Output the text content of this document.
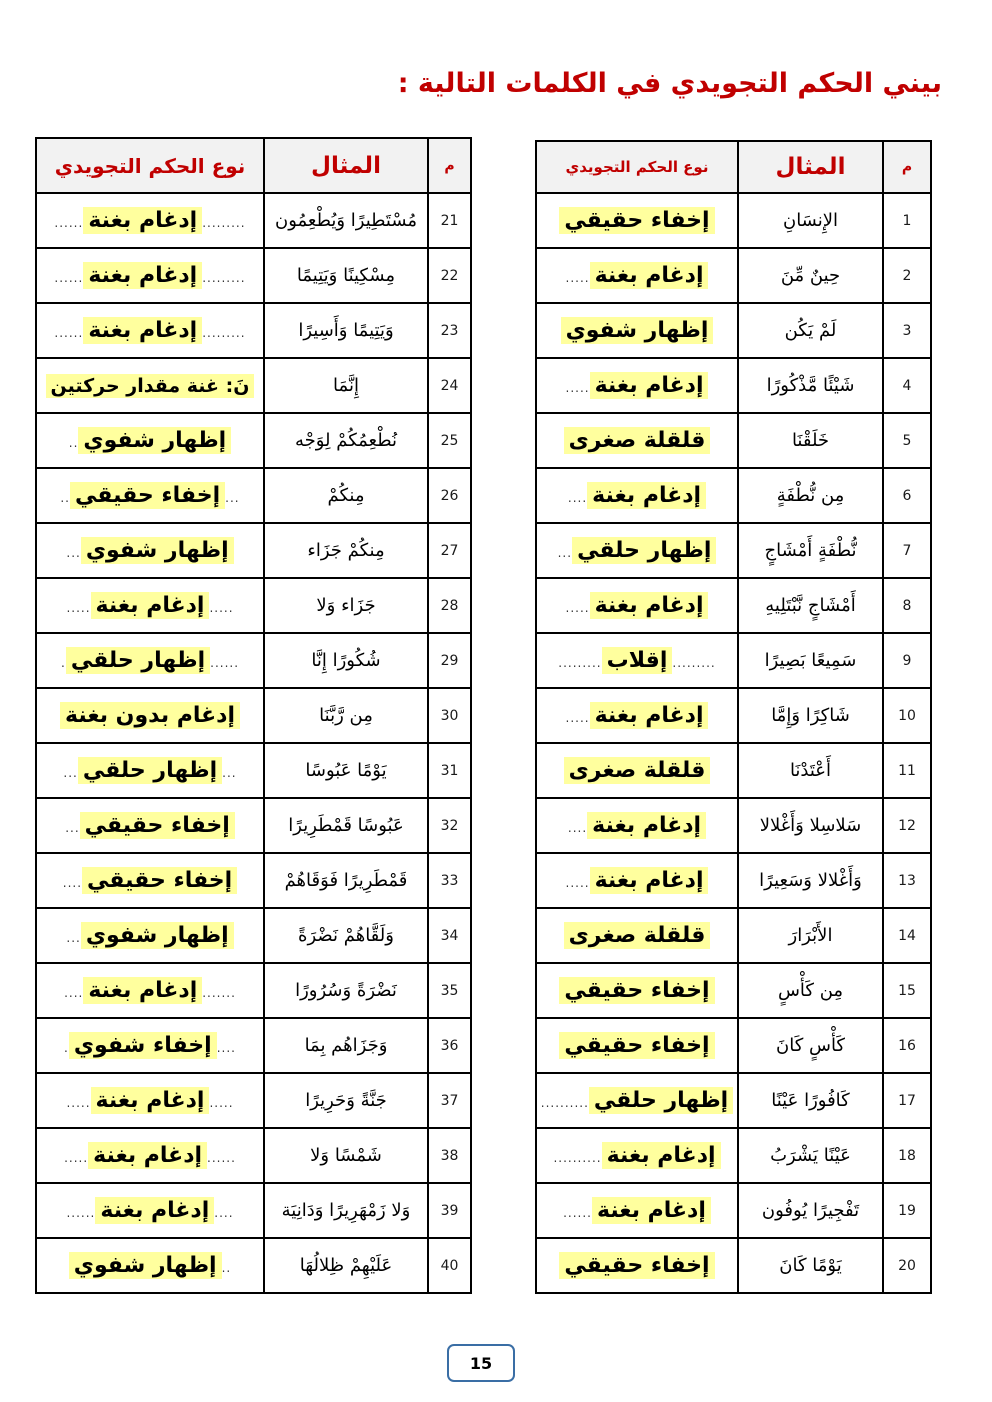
بيني الحكم التجويدي في الكلمات التالية :
م	المثال	نوع الحكم التجويدي
1	الإِنسَانِ	إخفاء حقيقي

2	حِينٌ مِّنَ	إدغام بغنة
.....

3	لَمْ يَكُن	إظهار شفوي

4	شَيْئًا مَّذْكُورًا	إدغام بغنة
.....

5	خَلَقْنَا	قلقلة صغرى

6	مِن نُّطْفَةٍ	إدغام بغنة
....

7	نُّطْفَةٍ أَمْشَاجٍ	إظهار حلقي
...

8	أَمْشَاجٍ نَّبْتَلِيهِ	إدغام بغنة
.....

9	سَمِيعًا بَصِيرًا	.........
إقلاب
.........

10	شَاكِرًا وَإِمَّا	إدغام بغنة
.....

11	أَعْتَدْنَا	قلقلة صغرى

12	سَلاسِلا وَأَغْلالا	إدغام بغنة
....

13	وَأَغْلالا وَسَعِيرًا	إدغام بغنة
.....

14	الأَبْرَارَ	قلقلة صغرى

15	مِن كَأْسٍ	إخفاء حقيقي

16	كَأْسٍ كَانَ	إخفاء حقيقي

17	كَافُورًا عَيْنًا	إظهار حلقي
..........

18	عَيْنًا يَشْرَبُ	إدغام بغنة
..........

19	تَفْجِيرًا يُوفُون	إدغام بغنة
......

20	يَوْمًا كَانَ	إخفاء حقيقي
م	المثال	نوع الحكم التجويدي
21	مُسْتَطِيرًا وَيُطْعِمُون	.........
إدغام بغنة
......

22	مِسْكِينًا وَيَتِيمًا	.........
إدغام بغنة
......

23	وَيَتِيمًا وَأَسِيرًا	.........
إدغام بغنة
......

24	إِنَّمَا	نَ: غنة مقدار حركتين

25	نُطْعِمُكُمْ لِوَجْه	إظهار شفوي
..

26	مِنكُمْ	...
إخفاء حقيقي
..

27	مِنكُمْ جَزَاء	إظهار شفوي
...

28	جَزَاء وَلا	.....
إدغام بغنة
.....

29	شُكُورًا إِنَّا	......
إظهار حلقي
.

30	مِن رَّبَّنَا	إدغام بدون بغنة

31	يَوْمًا عَبُوسًا	...
إظهار حلقي
...

32	عَبُوسًا قَمْطَرِيرًا	إخفاء حقيقي
...

33	قَمْطَرِيرًا فَوَقَاهُمْ	إخفاء حقيقي
....

34	وَلَقَّاهُمْ نَضْرَةً	إظهار شفوي
...

35	نَضْرَةً وَسُرُورًا	.......
إدغام بغنة
....

36	وَجَزَاهُم بِمَا	....
إخفاء شفوي
.

37	جَنَّةً وَحَرِيرًا	.....
إدغام بغنة
.....

38	شَمْسًا وَلا	......
إدغام بغنة
.....

39	وَلا زَمْهَرِيرًا وَدَانِيَة	....
إدغام بغنة
......

40	عَلَيْهِمْ ظِلالُهَا	..
إظهار شفوي
15
